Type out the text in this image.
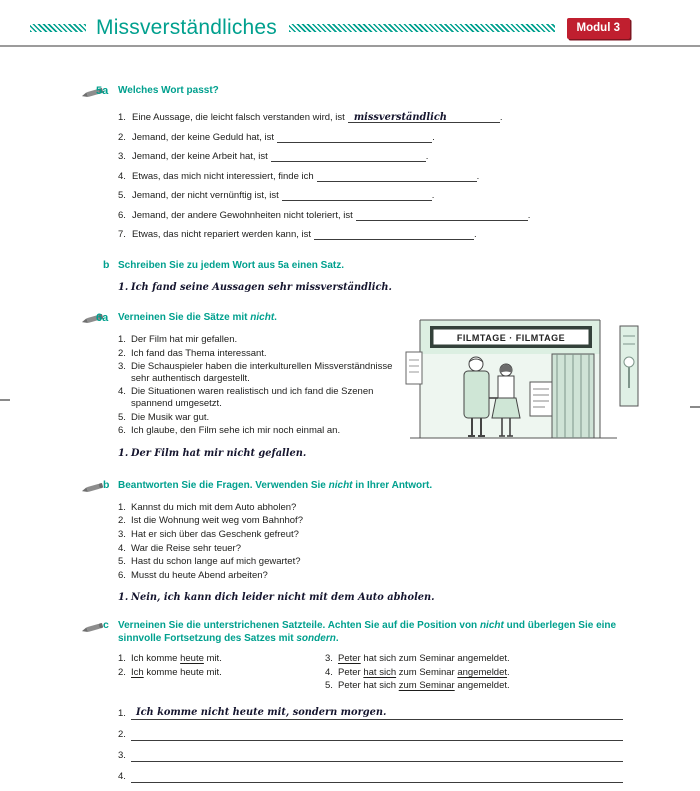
Missverständliches	Modul 3
5a Welches Wort passt?
1. Eine Aussage, die leicht falsch verstanden wird, ist missverständlich	.
2. Jemand, der keine Geduld hat, ist	.
3. Jemand, der keine Arbeit hat, ist	.
4. Etwas, das mich nicht interessiert, finde ich	.
5. Jemand, der nicht vernünftig ist, ist	.
6. Jemand, der andere Gewohnheiten nicht toleriert, ist	.
7. Etwas, das nicht repariert werden kann, ist	.
b Schreiben Sie zu jedem Wort aus 5a einen Satz.
1. Ich fand seine Aussagen sehr missverständlich.
6a Verneinen Sie die Sätze mit nicht.
1. Der Film hat mir gefallen.
2. Ich fand das Thema interessant.
3. Die Schauspieler haben die interkulturellen Missverständnisse sehr authentisch dargestellt.
4. Die Situationen waren realistisch und ich fand die Szenen spannend umgesetzt.
5. Die Musik war gut.
6. Ich glaube, den Film sehe ich mir noch einmal an.
1. Der Film hat mir nicht gefallen.
FILMTAGE · FILMTAGE
b Beantworten Sie die Fragen. Verwenden Sie nicht in Ihrer Antwort.
1. Kannst du mich mit dem Auto abholen?
2. Ist die Wohnung weit weg vom Bahnhof?
3. Hat er sich über das Geschenk gefreut?
4. War die Reise sehr teuer?
5. Hast du schon lange auf mich gewartet?
6. Musst du heute Abend arbeiten?
1. Nein, ich kann dich leider nicht mit dem Auto abholen.
c Verneinen Sie die unterstrichenen Satzteile. Achten Sie auf die Position von nicht und überlegen Sie eine sinnvolle Fortsetzung des Satzes mit sondern.
1. Ich komme heute mit.
2. Ich komme heute mit.
3. Peter hat sich zum Seminar angemeldet.
4. Peter hat sich zum Seminar angemeldet.
5. Peter hat sich zum Seminar angemeldet.
1.	Ich komme nicht heute mit, sondern morgen.
2.
3.
4.
